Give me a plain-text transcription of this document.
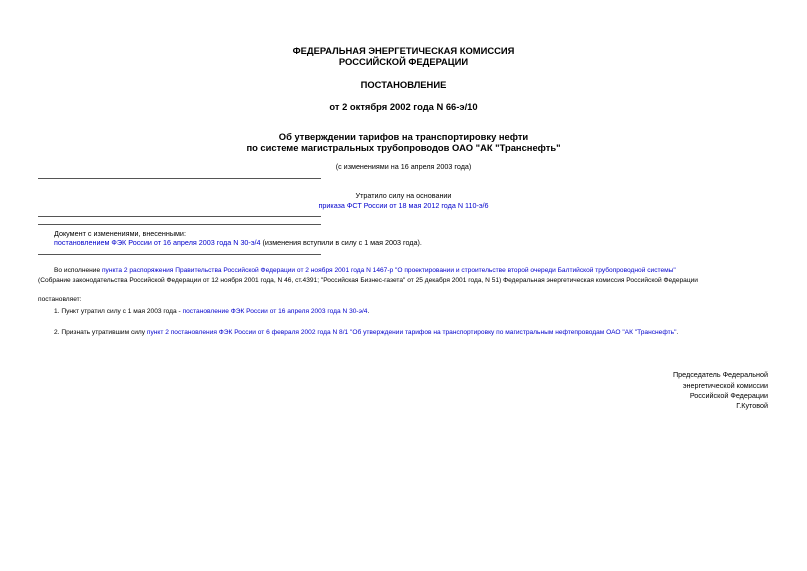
ФЕДЕРАЛЬНАЯ ЭНЕРГЕТИЧЕСКАЯ КОМИССИЯ
РОССИЙСКОЙ ФЕДЕРАЦИИ
ПОСТАНОВЛЕНИЕ
от 2 октября 2002 года N 66-э/10
Об утверждении тарифов на транспортировку нефти
по системе магистральных трубопроводов ОАО "АК "Транснефть"
(с изменениями на 16 апреля 2003 года)
Утратило силу на основании
приказа ФСТ России от 18 мая 2012 года N 110-э/6
Документ с изменениями, внесенными:
постановлением ФЭК России от 16 апреля 2003 года N 30-э/4 (изменения вступили в силу с 1 мая 2003 года).
Во исполнение пункта 2 распоряжения Правительства Российской Федерации от 2 ноября 2001 года N 1467-р "О проектировании и строительстве второй очереди Балтийской трубопроводной системы"
(Собрание законодательства Российской Федерации от 12 ноября 2001 года, N 46, ст.4391; "Российская Бизнес-газета" от 25 декабря 2001 года, N 51) Федеральная энергетическая комиссия Российской Федерации
постановляет:
1. Пункт утратил силу с 1 мая 2003 года - постановление ФЭК России от 16 апреля 2003 года N 30-э/4.
2. Признать утратившим силу пункт 2 постановления ФЭК России от 6 февраля 2002 года N 8/1 "Об утверждении тарифов на транспортировку по магистральным нефтепроводам ОАО "АК "Транснефть".
Председатель Федеральной
энергетической комиссии
Российской Федерации
Г.Кутовой
